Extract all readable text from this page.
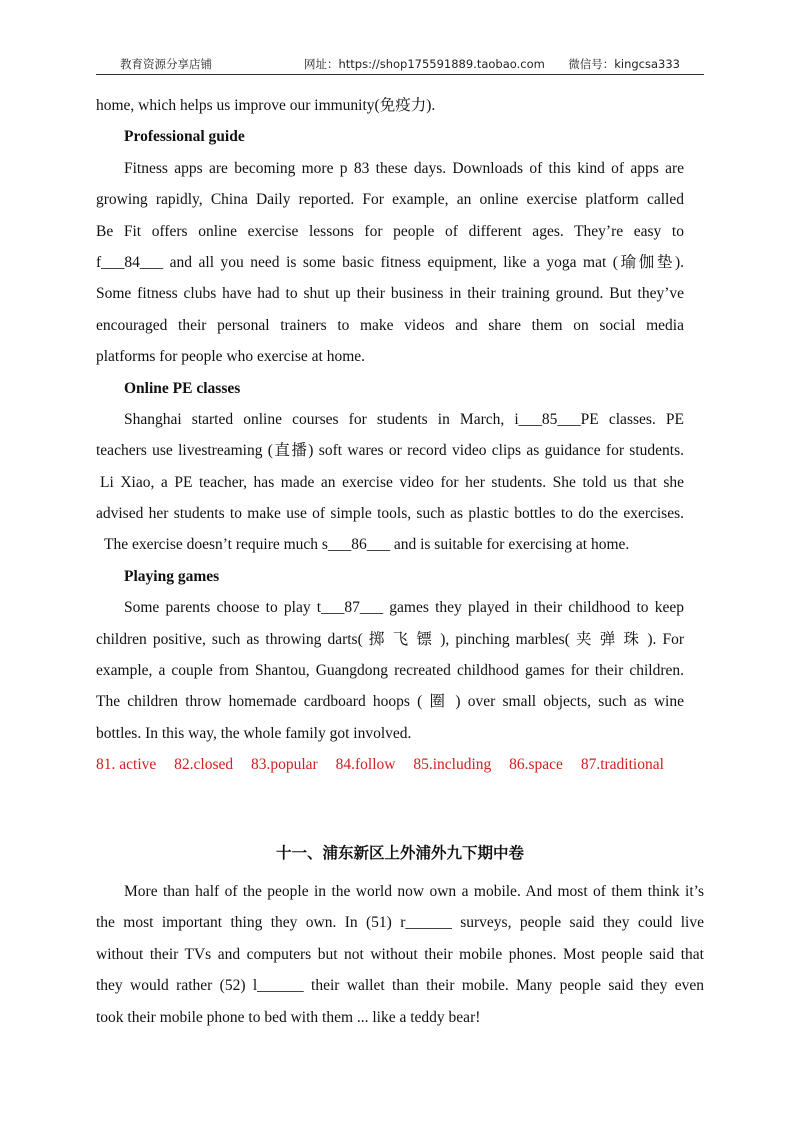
教育资源分享店铺	网址：https://shop175591889.taobao.com 微信号：kingcsa333
home, which helps us improve our immunity(免疫力).
Professional guide
Fitness apps are becoming more p 83 these days. Downloads of this kind of apps are
growing rapidly, China Daily reported. For example, an online exercise platform called
Be Fit offers online exercise lessons for people of different ages. They’re easy to
f___84___ and all you need is some basic fitness equipment, like a yoga mat (瑜伽垫).
Some fitness clubs have had to shut up their business in their training ground. But they’ve
encouraged their personal trainers to make videos and share them on social media
platforms for people who exercise at home.
Online PE classes
Shanghai started online courses for students in March, i___85___PE classes. PE
teachers use livestreaming (直播) soft wares or record video clips as guidance for students.
Li Xiao, a PE teacher, has made an exercise video for her students. She told us that she
advised her students to make use of simple tools, such as plastic bottles to do the exercises.
The exercise doesn’t require much s___86___ and is suitable for exercising at home.
Playing games
Some parents choose to play t___87___ games they played in their childhood to keep
children positive, such as throwing darts( 掷 飞 镖 ), pinching marbles( 夹 弹 珠 ). For
example, a couple from Shantou, Guangdong recreated childhood games for their children.
The children throw homemade cardboard hoops ( 圈 ) over small objects, such as wine
bottles. In this way, the whole family got involved.
81. active 82.closed 83.popular 84.follow 85.including 86.space 87.traditional
十一、浦东新区上外浦外九下期中卷
More than half of the people in the world now own a mobile. And most of them think it’s
the most important thing they own. In (51) r______ surveys, people said they could live
without their TVs and computers but not without their mobile phones. Most people said that
they would rather (52) l______ their wallet than their mobile. Many people said they even
took their mobile phone to bed with them ... like a teddy bear!
